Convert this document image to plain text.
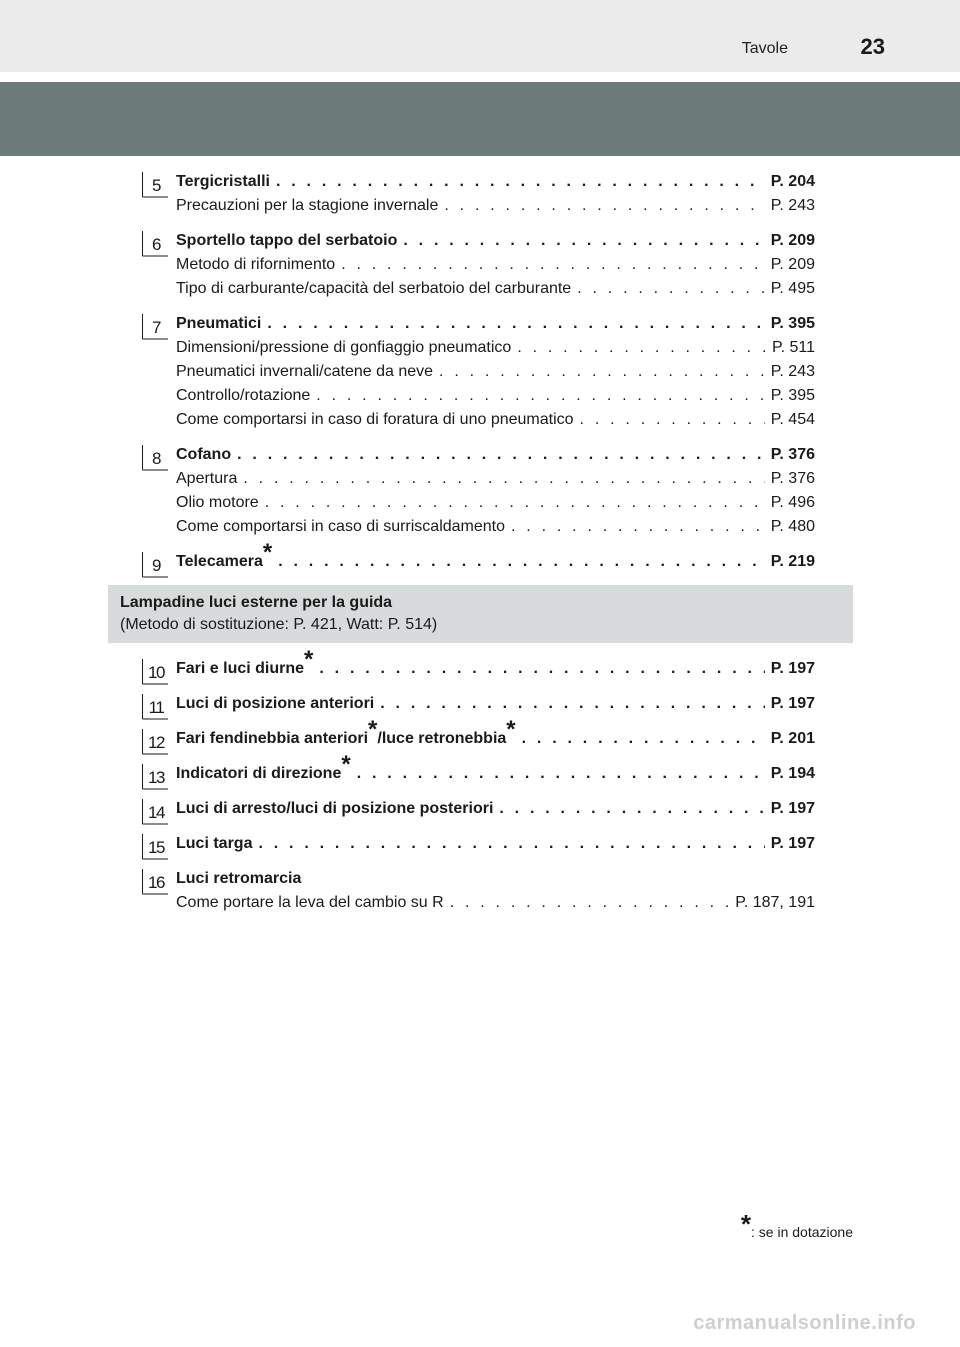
Tavole	23
5 Tergicristalli . . .	P. 204
Precauzioni per la stagione invernale . . .	P. 243
6 Sportello tappo del serbatoio . . .	P. 209
Metodo di rifornimento . . .	P. 209
Tipo di carburante/capacità del serbatoio del carburante . . .	P. 495
7 Pneumatici . . .	P. 395
Dimensioni/pressione di gonfiaggio pneumatico . . .	P. 511
Pneumatici invernali/catene da neve . . .	P. 243
Controllo/rotazione . . .	P. 395
Come comportarsi in caso di foratura di uno pneumatico . . .	P. 454
8 Cofano . . .	P. 376
Apertura . . .	P. 376
Olio motore . . .	P. 496
Come comportarsi in caso di surriscaldamento . . .	P. 480
9 Telecamera* . . .	P. 219
Lampadine luci esterne per la guida
(Metodo di sostituzione: P. 421, Watt: P. 514)
10 Fari e luci diurne* . . .	P. 197
11 Luci di posizione anteriori . . .	P. 197
12 Fari fendinebbia anteriori*/luce retronebbia* . . .	P. 201
13 Indicatori di direzione* . . .	P. 194
14 Luci di arresto/luci di posizione posteriori . . .	P. 197
15 Luci targa . . .	P. 197
16 Luci retromarcia
Come portare la leva del cambio su R . . .	P. 187, 191
*: se in dotazione
carmanualsonline.info
